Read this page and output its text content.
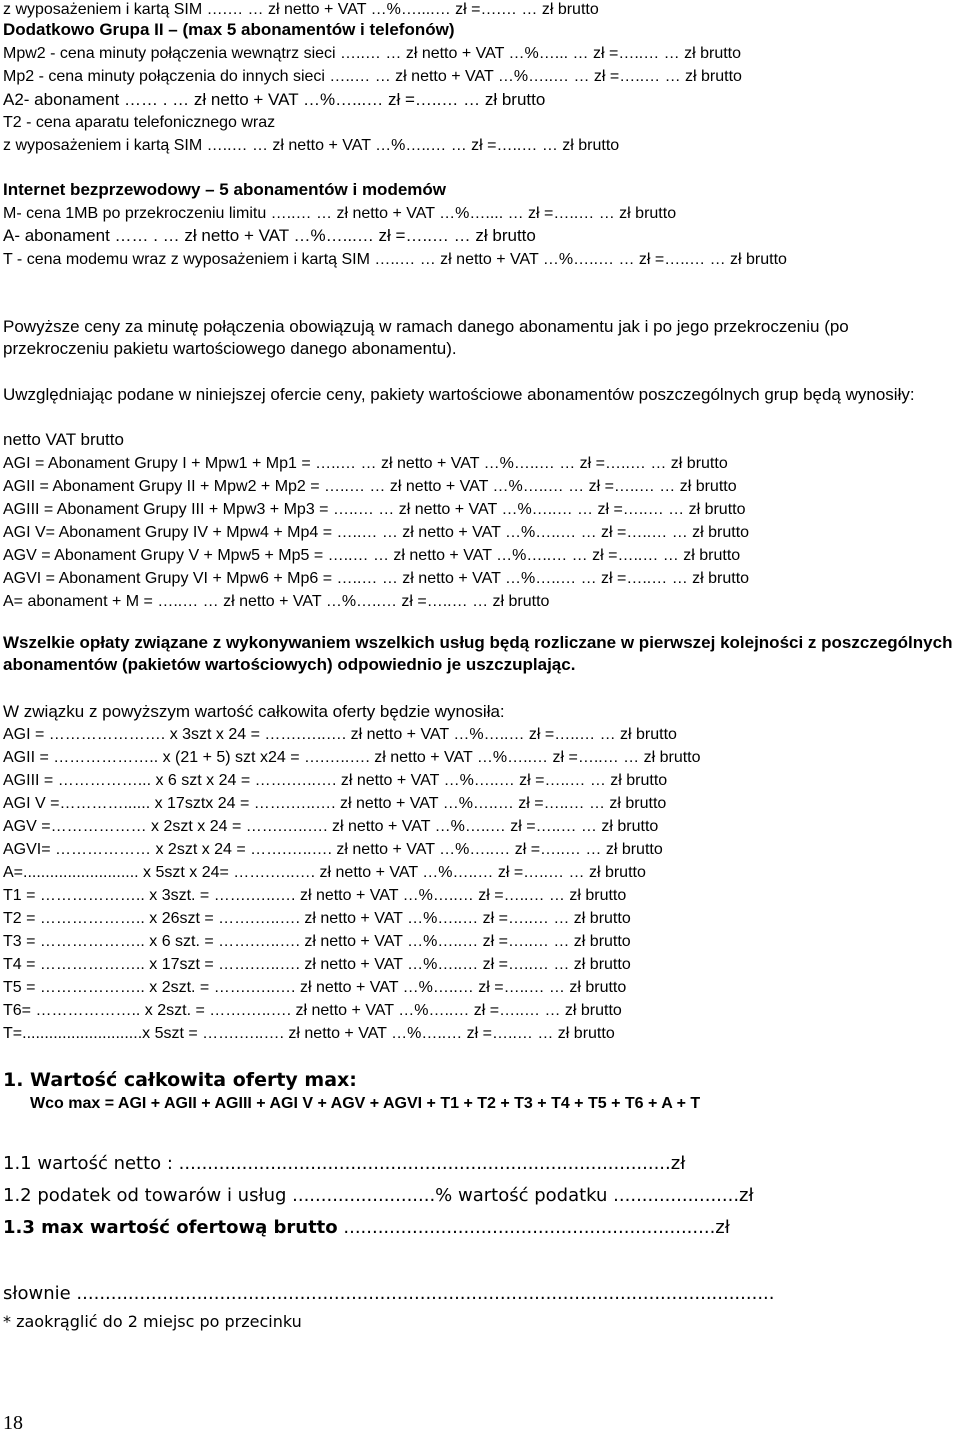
z wyposażeniem i kartą SIM ….… … zł netto + VAT …%…....… zł =….… … zł brutto
Dodatkowo Grupa II – (max 5 abonamentów i telefonów)
Mpw2 - cena minuty połączenia wewnątrz sieci …..… … zł netto + VAT …%…... … zł =…..… … zł brutto
Mp2 - cena minuty połączenia do innych sieci …..… … zł netto + VAT …%…..… … zł =…..… … zł brutto
A2- abonament …… . … zł netto + VAT …%…...… zł =…..… … zł brutto
T2 - cena aparatu telefonicznego wraz
z wyposażeniem i kartą SIM …..… … zł netto + VAT …%…..… … zł =…..… … zł brutto
Internet bezprzewodowy – 5 abonamentów i modemów
M- cena 1MB po przekroczeniu limitu …..… … zł netto + VAT …%….... … zł =…..… … zł brutto
A- abonament …… . … zł netto + VAT …%…...… zł =…..… … zł brutto
T - cena modemu wraz z wyposażeniem i kartą SIM …..… … zł netto + VAT …%…..… … zł =…..… … zł brutto
Powyższe ceny za minutę połączenia obowiązują w ramach danego abonamentu jak i po jego przekroczeniu (po przekroczeniu pakietu wartościowego danego abonamentu).
Uwzględniając podane w niniejszej ofercie ceny, pakiety wartościowe abonamentów poszczególnych grup będą wynosiły:
netto VAT brutto
AGI = Abonament Grupy I + Mpw1 + Mp1 = …..… … zł netto + VAT …%…..… … zł =…..… … zł brutto
AGII = Abonament Grupy II + Mpw2 + Mp2 = …..… … zł netto + VAT …%…..… … zł =…..… … zł brutto
AGIII = Abonament Grupy III + Mpw3 + Mp3 = …..… … zł netto + VAT …%…..… … zł =…..… … zł brutto
AGI V= Abonament Grupy IV + Mpw4 + Mp4 = …..… … zł netto + VAT …%…..… … zł =…..… … zł brutto
AGV = Abonament Grupy V + Mpw5 + Mp5 = …..… … zł netto + VAT …%…..… … zł =…..… … zł brutto
AGVI = Abonament Grupy VI + Mpw6 + Mp6 = …..… … zł netto + VAT …%…..… … zł =…..… … zł brutto
A= abonament + M = …..… … zł netto + VAT …%…..… zł =…..… … zł brutto
Wszelkie opłaty związane z wykonywaniem wszelkich usług będą rozliczane w pierwszej kolejności z poszczególnych abonamentów (pakietów wartościowych) odpowiednio je uszczuplając.
W związku z powyższym wartość całkowita oferty będzie wynosiła:
AGI = …………………. x 3szt x 24 = …….…..…. zł netto + VAT …%…..… zł =…..… … zł brutto
AGII = ……………….. x (21 + 5) szt x24 = ….…..…. zł netto + VAT …%…..… zł =…..… … zł brutto
AGIII = ……………... x 6 szt x 24 = …….…..…. zł netto + VAT …%…..… zł =…..… … zł brutto
AGI V =…………...... x 17sztx 24 = …….…..…. zł netto + VAT …%…..… zł =…..… … zł brutto
AGV =……………… x 2szt x 24 = …….…..…. zł netto + VAT …%…..… zł =…..… … zł brutto
AGVI= ……………… x 2szt x 24 = …….…..…. zł netto + VAT …%…..… zł =…..… … zł brutto
A=.......................... x 5szt x 24= …….…..…. zł netto + VAT …%…..… zł =…..… … zł brutto
T1 = ……………….. x 3szt. = …….…..…. zł netto + VAT …%…..… zł =…..… … zł brutto
T2 = ……………….. x 26szt = …….…..…. zł netto + VAT …%…..… zł =…..… … zł brutto
T3 = ……………….. x 6 szt. = …….…..…. zł netto + VAT …%…..… zł =…..… … zł brutto
T4 = ……………….. x 17szt = …….…..…. zł netto + VAT …%…..… zł =…..… … zł brutto
T5 = ……………….. x 2szt. = …….…..…. zł netto + VAT …%…..… zł =…..… … zł brutto
T6= ……………….. x 2szt. = …….…..…. zł netto + VAT …%…..… zł =…..… … zł brutto
T=...........................x 5szt = …….…..…. zł netto + VAT …%…..… zł =…..… … zł brutto
1. Wartość całkowita oferty max:
Wco max = AGI + AGII + AGIII + AGI V + AGV + AGVI + T1 + T2 + T3 + T4 + T5 + T6 + A + T
1.1 wartość netto : ......................................................................................zł
1.2 podatek od towarów i usług .........................% wartość podatku ......................zł
1.3 max wartość ofertową brutto .................................................................zł
słownie ..........................................................................................................................
* zaokrąglić do 2 miejsc po przecinku
18
